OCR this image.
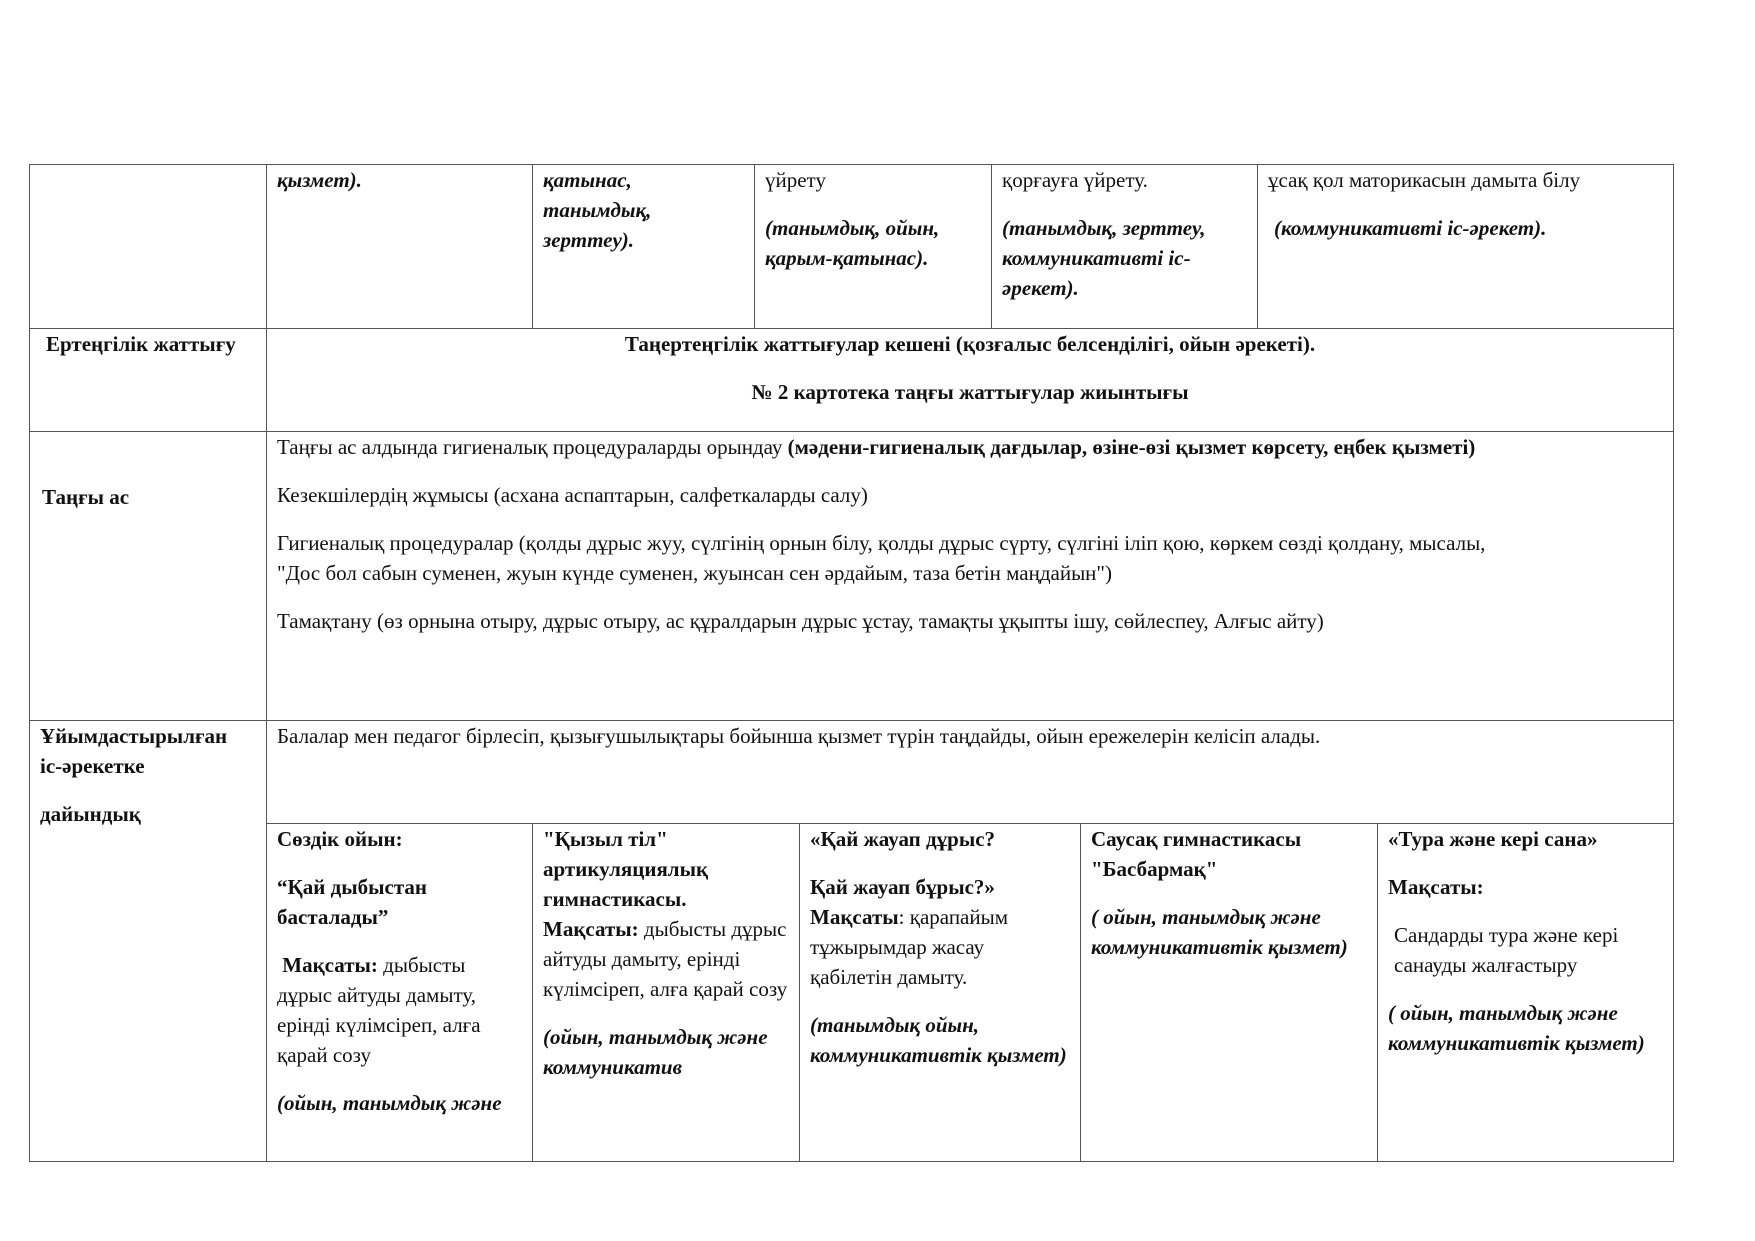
қызмет).	қатынас,

танымдық,

зерттеу).

үйрету

(танымдық, ойын, қарым-қатынас).

қорғауға үйрету.

(танымдық, зерттеу, коммуникативті іс-әрекет).

ұсақ қол маторикасын дамыта білу

(коммуникативті іс-әрекет).

Ертеңгілік жаттығу	Таңертеңгілік жаттығулар кешені (қозғалыс белсенділігі, ойын әрекеті).

№ 2 картотека таңғы жаттығулар жиынтығы

Таңғы ас

Таңғы ас алдында гигиеналық процедураларды орындау (мәдени-гигиеналық дағдылар, өзіне-өзі қызмет көрсету, еңбек қызметі)

Кезекшілердің жұмысы (асхана аспаптарын, салфеткаларды салу)

Гигиеналық процедуралар (қолды дұрыс жуу, сүлгінің орнын білу, қолды дұрыс сүрту, сүлгіні іліп қою, көркем сөзді қолдану, мысалы,

"Дос бол сабын суменен, жуын күнде суменен, жуынсан сен әрдайым, таза бетін маңдайын")

Тамақтану (өз орнына отыру, дұрыс отыру, ас құралдарын дұрыс ұстау, тамақты ұқыпты ішу, сөйлеспеу, Алғыс айту)

Ұйымдастырылған

іс-әрекетке

дайындық

Балалар мен педагог бірлесіп, қызығушылықтары бойынша қызмет түрін таңдайды, ойын ережелерін келісіп алады.

Сөздік ойын:

“Қай дыбыстан басталады”

Мақсаты: дыбысты дұрыс айтуды дамыту, ерінді күлімсіреп, алға қарай созу

(ойын, танымдық және

"Қызыл тіл" артикуляциялық гимнастикасы.

Мақсаты: дыбысты дұрыс айтуды дамыту, ерінді күлімсіреп, алға қарай созу

(ойын, танымдық және коммуникатив

«Қай жауап дұрыс?

Қай жауап бұрыс?»

Мақсаты: қарапайым тұжырымдар жасау қабілетін дамыту.

(танымдық ойын, коммуникативтік қызмет)

Саусақ гимнастикасы "Басбармақ"

( ойын, танымдық және коммуникативтік қызмет)

«Тура және кері сана»

Мақсаты:

Сандарды тура және кері санауды жалғастыру

( ойын, танымдық және коммуникативтік қызмет)
